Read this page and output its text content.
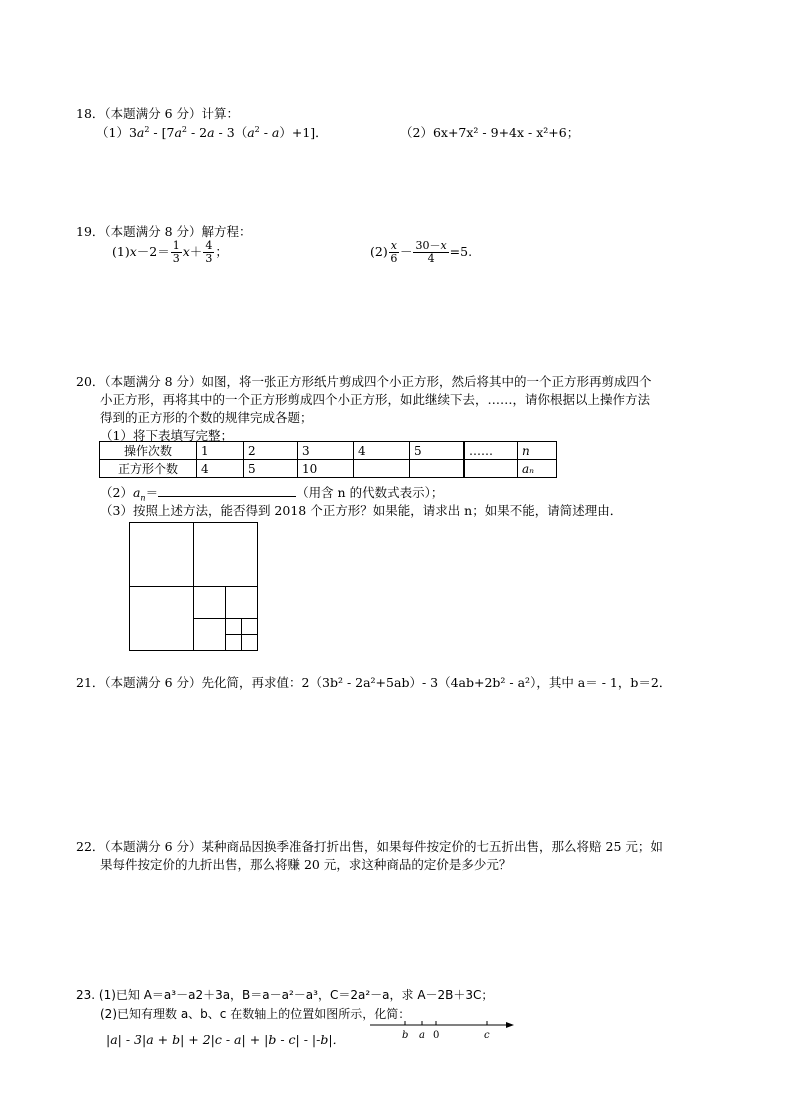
18．（本题满分 6 分）计算：
$(1)3a^2 - [7a^2 - 2a - 3(a^2 - a)+1]$．	（2）6x+7x² - 9+4x - x²+6；
19．（本题满分 8 分）解方程：
$(1)x-2= \frac{1}{3} x+ \frac{4}{3}$ ；	$(2) \frac{x}{6} - \frac{30-x}{4} =5$.
20．（本题满分 8 分）如图，将一张正方形纸片剪成四个小正方形，然后将其中的一个正方形再剪成四个
小正方形，再将其中的一个正方形剪成四个小正方形，如此继续下去，……，请你根据以上操作方法
得到的正方形的个数的规律完成各题；
（1）将下表填写完整；
操作次数	1	2	3	4	5		……	n
正方形个数	4	5	10					aₙ
$(2)a_n=$	（用含 n 的代数式表示）；
（3）按照上述方法，能否得到 2018 个正方形？如果能，请求出 n；如果不能，请简述理由．
21．（本题满分 6 分）先化简，再求值：2（3b² - 2a²+5ab）- 3（4ab+2b² - a²），其中 a＝ - 1，b＝2．
22．（本题满分 6 分）某种商品因换季准备打折出售，如果每件按定价的七五折出售，那么将赔 25 元；如
果每件按定价的九折出售，那么将赚 20 元，求这种商品的定价是多少元？
23. (1)已知 A＝a³－a2＋3a，B＝a－a²－a³，C＝2a²－a，求 A－2B＋3C；
(2)已知有理数 a、b、c 在数轴上的位置如图所示，化简：
|a| - 3|a + b| + 2|c - a| + |b - c| - |-b|．	b a 0	c
